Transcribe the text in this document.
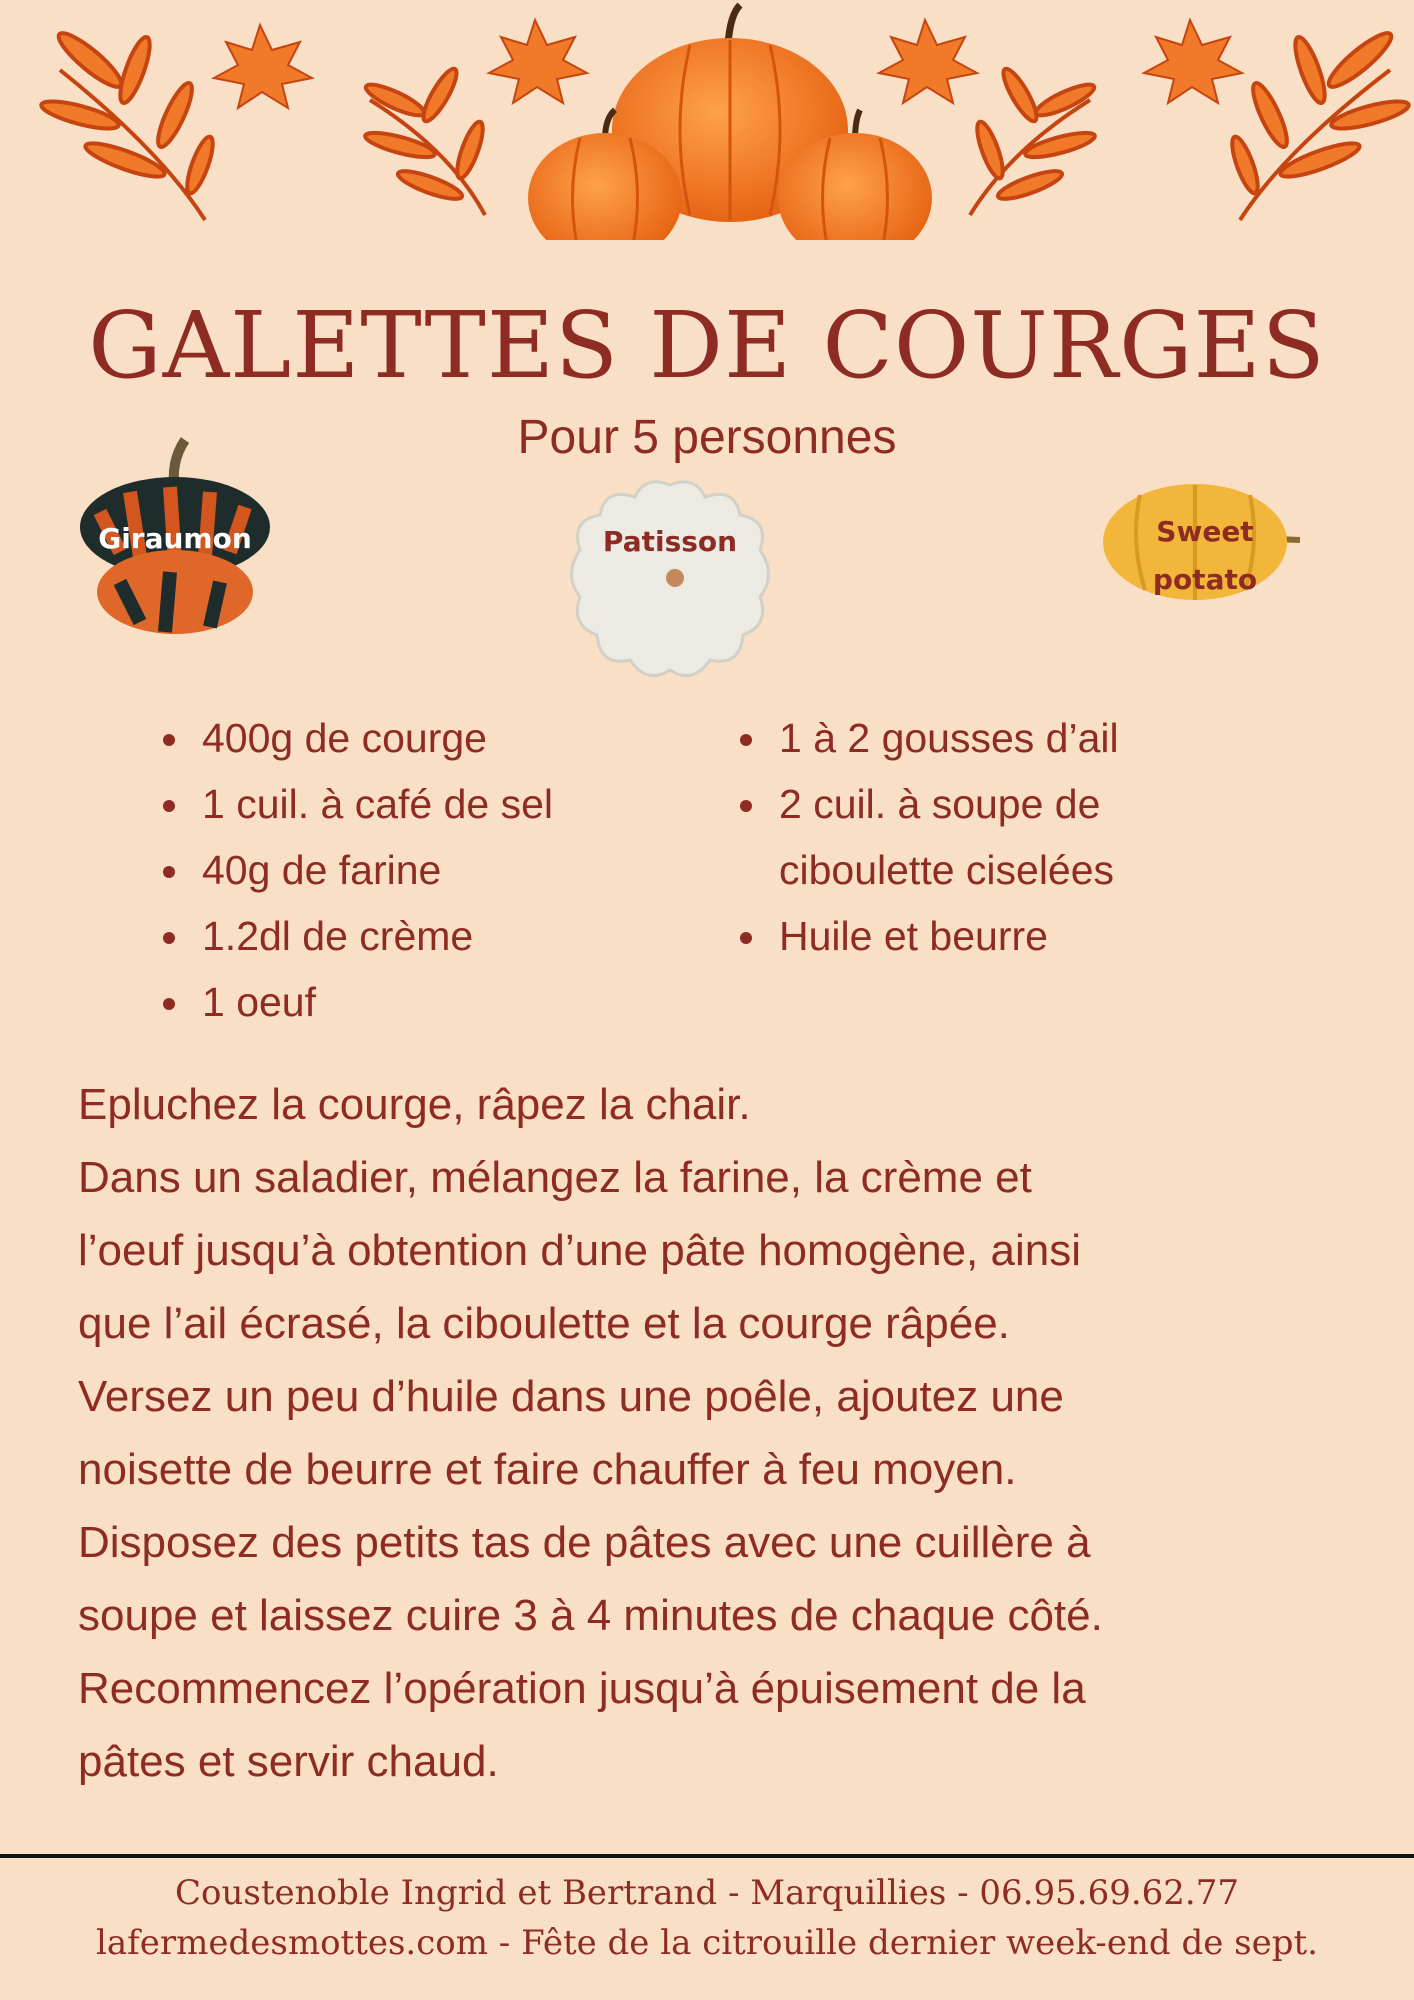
GALETTES DE COURGES
Pour 5 personnes
Giraumon	Patisson	Sweet
potato
400g de courge
1 cuil. à café de sel
40g de farine
1.2dl de crème
1 oeuf
1 à 2 gousses d’ail
2 cuil. à soupe de
ciboulette ciselées
Huile et beurre

Epluchez la courge, râpez la chair.

Dans un saladier, mélangez la farine, la crème et

l’oeuf jusqu’à obtention d’une pâte homogène, ainsi

que l’ail écrasé, la ciboulette et la courge râpée.

Versez un peu d’huile dans une poêle, ajoutez une

noisette de beurre et faire chauffer à feu moyen.

Disposez des petits tas de pâtes avec une cuillère à

soupe et laissez cuire 3 à 4 minutes de chaque côté.

Recommencez l’opération jusqu’à épuisement de la

pâtes et servir chaud.

Coustenoble Ingrid et Bertrand - Marquillies - 06.95.69.62.77
lafermedesmottes.com - Fête de la citrouille dernier week-end de sept.
